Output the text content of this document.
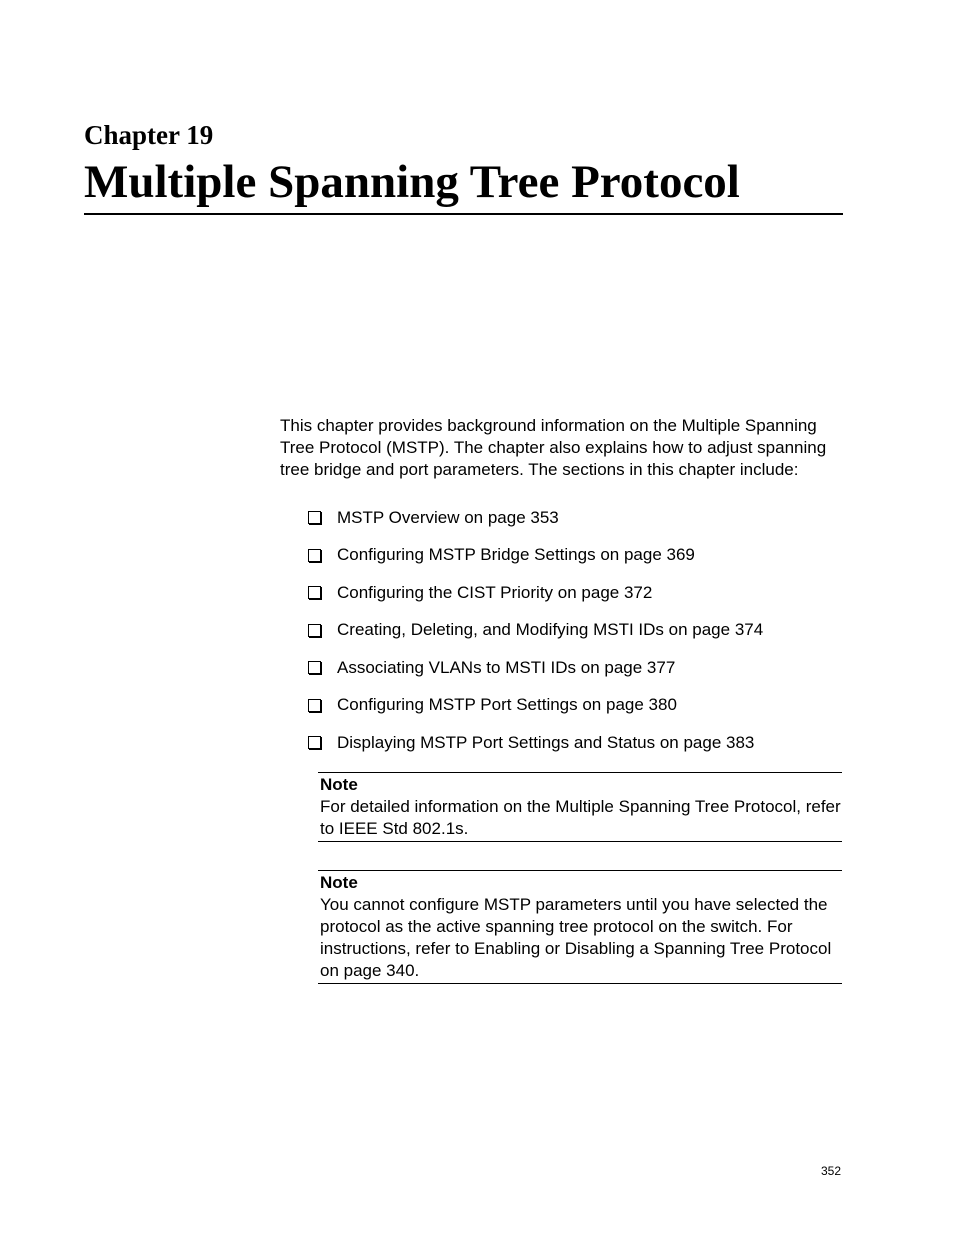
Chapter 19
Multiple Spanning Tree Protocol

This chapter provides background information on the Multiple Spanning Tree Protocol (MSTP). The chapter also explains how to adjust spanning tree bridge and port parameters. The sections in this chapter include:

MSTP Overview on page 353
Configuring MSTP Bridge Settings on page 369
Configuring the CIST Priority on page 372
Creating, Deleting, and Modifying MSTI IDs on page 374
Associating VLANs to MSTI IDs on page 377
Configuring MSTP Port Settings on page 380
Displaying MSTP Port Settings and Status on page 383
Note
For detailed information on the Multiple Spanning Tree Protocol, refer to IEEE Std 802.1s.
Note
You cannot configure MSTP parameters until you have selected the protocol as the active spanning tree protocol on the switch. For instructions, refer to Enabling or Disabling a Spanning Tree Protocol on page 340.
352
